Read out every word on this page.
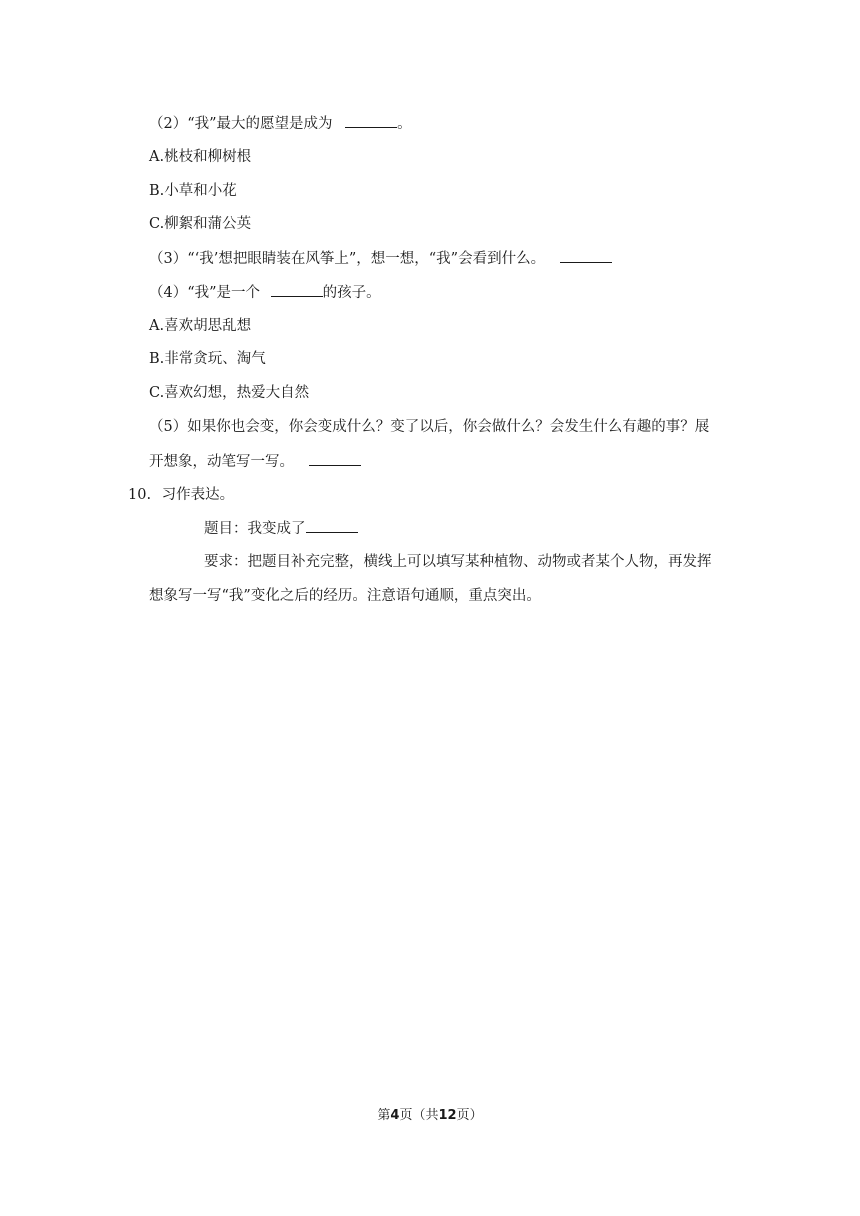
（2）“我”最大的愿望是成为	。
A.桃枝和柳树根
B.小草和小花
C.柳絮和蒲公英
（3）“‘我’想把眼睛装在风筝上”，想一想，“我”会看到什么。
（4）“我”是一个	的孩子。
A.喜欢胡思乱想
B.非常贪玩、淘气
C.喜欢幻想，热爱大自然
（5）如果你也会变，你会变成什么？变了以后，你会做什么？会发生什么有趣的事？展
开想象，动笔写一写。
10. 习作表达。
题目：我变成了
要求：把题目补充完整，横线上可以填写某种植物、动物或者某个人物，再发挥
想象写一写“我”变化之后的经历。注意语句通顺，重点突出。
第4页（共12页）
